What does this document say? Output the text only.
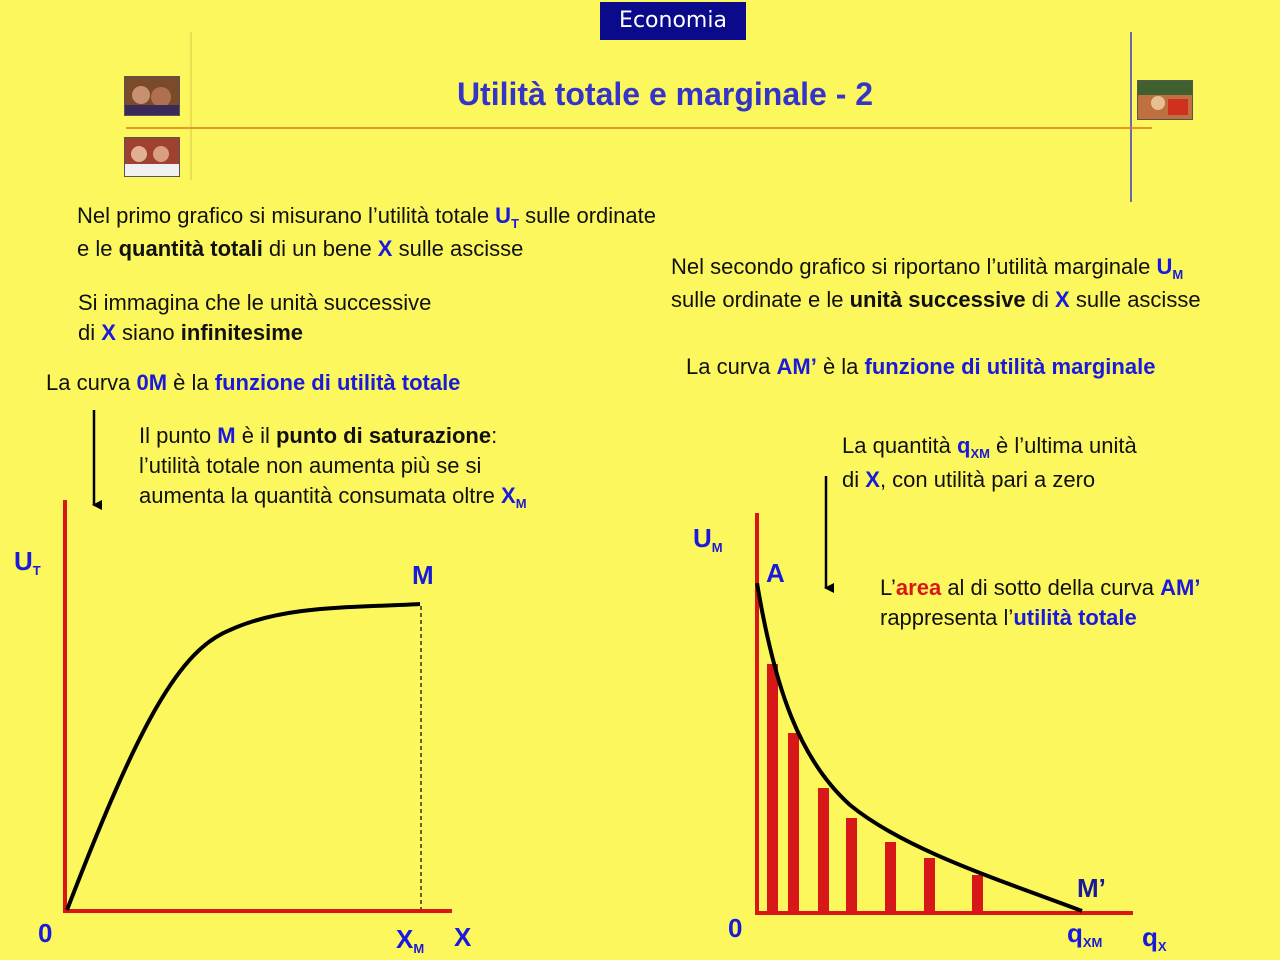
Economia
Utilità totale e marginale - 2
Nel primo grafico si misurano l’utilità totale $U_T$ sulle ordinate
e le quantità totali di un bene X sulle ascisse
Si immagina che le unità successive
di X siano infinitesime
La curva 0M è la funzione di utilità totale
Il punto M è il punto di saturazione:
l’utilità totale non aumenta più se si
aumenta la quantità consumata oltre $X_M$
Nel secondo grafico si riportano l’utilità marginale $U_M$
sulle ordinate e le unità successive di X sulle ascisse
La curva AM’ è la funzione di utilità marginale
La quantità $q_{XM}$ è l’ultima unità
di X, con utilità pari a zero
L’area al di sotto della curva AM’
rappresenta l’utilità totale
$U_T$
0
M
$X_M$ X
$U_M$
A
0
M’
$q_{XM}$ $q_X$
